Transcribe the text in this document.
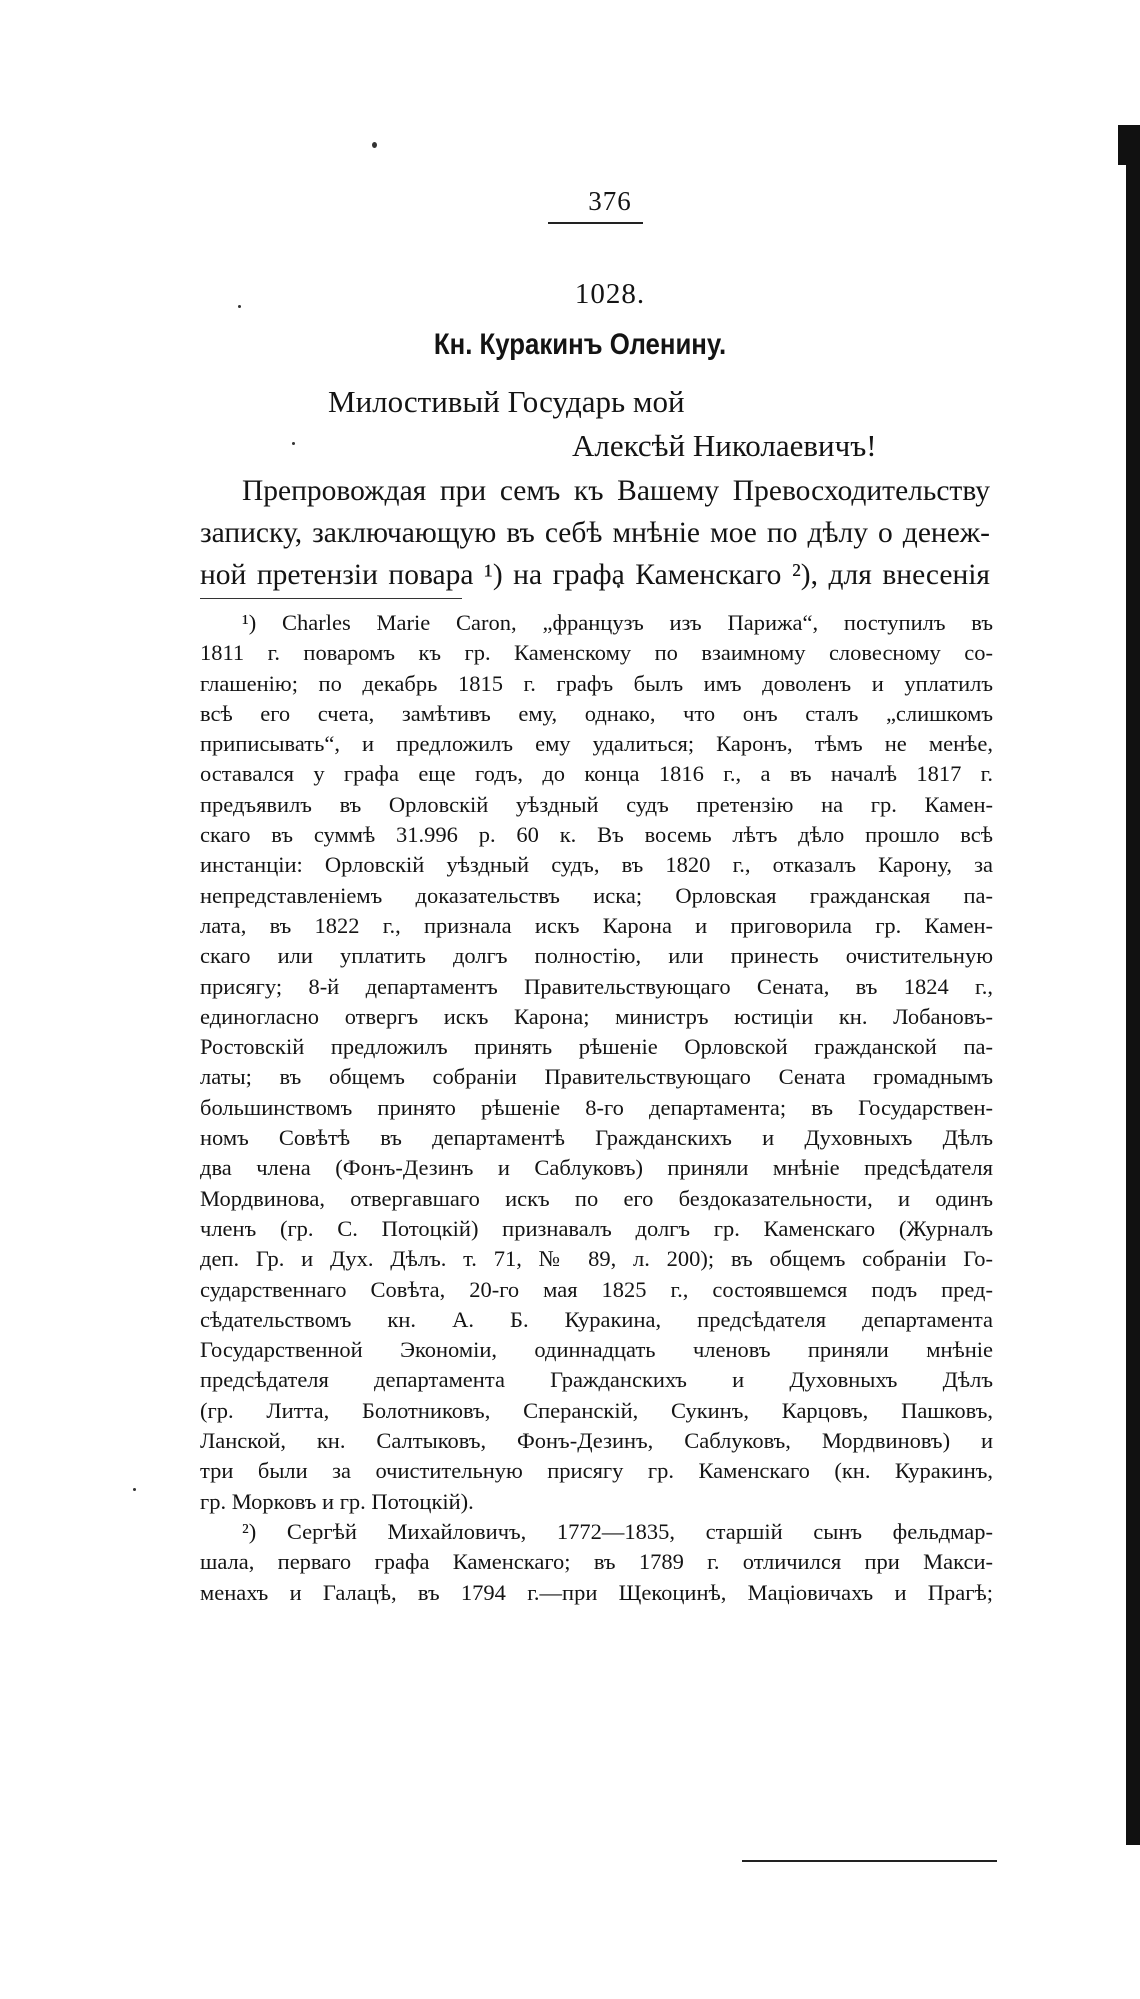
376
1028.
Кн. Куракинъ Оленину.
Милостивый Государь мой
Алексѣй Николаевичъ!
Препровождая при семъ къ Вашему Превосходительству
записку, заключающую въ себѣ мнѣніе мое по дѣлу о денеж-
ной претензіи повара ¹) на графа Каменскаго ²), для внесенія
¹) Charles Marie Caron, „французъ изъ Парижа“, поступилъ въ
1811 г. поваромъ къ гр. Каменскому по взаимному словесному со-
глашенію; по декабрь 1815 г. графъ былъ имъ доволенъ и уплатилъ
всѣ его счета, замѣтивъ ему, однако, что онъ сталъ „слишкомъ
приписывать“, и предложилъ ему удалиться; Каронъ, тѣмъ не менѣе,
оставался у графа еще годъ, до конца 1816 г., а въ началѣ 1817 г.
предъявилъ въ Орловскій уѣздный судъ претензію на гр. Камен-
скаго въ суммѣ 31.996 р. 60 к. Въ восемь лѣтъ дѣло прошло всѣ
инстанціи: Орловскій уѣздный судъ, въ 1820 г., отказалъ Карону, за
непредставленіемъ доказательствъ иска; Орловская гражданская па-
лата, въ 1822 г., признала искъ Карона и приговорила гр. Камен-
скаго или уплатить долгъ полностію, или принесть очистительную
присягу; 8-й департаментъ Правительствующаго Сената, въ 1824 г.,
единогласно отвергъ искъ Карона; министръ юстиціи кн. Лобановъ-
Ростовскій предложилъ принять рѣшеніе Орловской гражданской па-
латы; въ общемъ собраніи Правительствующаго Сената громаднымъ
большинствомъ принято рѣшеніе 8-го департамента; въ Государствен-
номъ Совѣтѣ въ департаментѣ Гражданскихъ и Духовныхъ Дѣлъ
два члена (Фонъ-Дезинъ и Саблуковъ) приняли мнѣніе предсѣдателя
Мордвинова, отвергавшаго искъ по его бездоказательности, и одинъ
членъ (гр. С. Потоцкій) признавалъ долгъ гр. Каменскаго (Журналъ
деп. Гр. и Дух. Дѣлъ. т. 71, № 89, л. 200); въ общемъ собраніи Го-
сударственнаго Совѣта, 20-го мая 1825 г., состоявшемся подъ пред-
сѣдательствомъ кн. А. Б. Куракина, предсѣдателя департамента
Государственной Экономіи, одиннадцать членовъ приняли мнѣніе
предсѣдателя департамента Гражданскихъ и Духовныхъ Дѣлъ
(гр. Литта, Болотниковъ, Сперанскій, Сукинъ, Карцовъ, Пашковъ,
Ланской, кн. Салтыковъ, Фонъ-Дезинъ, Саблуковъ, Мордвиновъ) и
три были за очистительную присягу гр. Каменскаго (кн. Куракинъ,
гр. Морковъ и гр. Потоцкій).
²) Сергѣй Михайловичъ, 1772—1835, старшій сынъ фельдмар-
шала, перваго графа Каменскаго; въ 1789 г. отличился при Макси-
менахъ и Галацѣ, въ 1794 г.—при Щекоцинѣ, Маціовичахъ и Прагѣ;
